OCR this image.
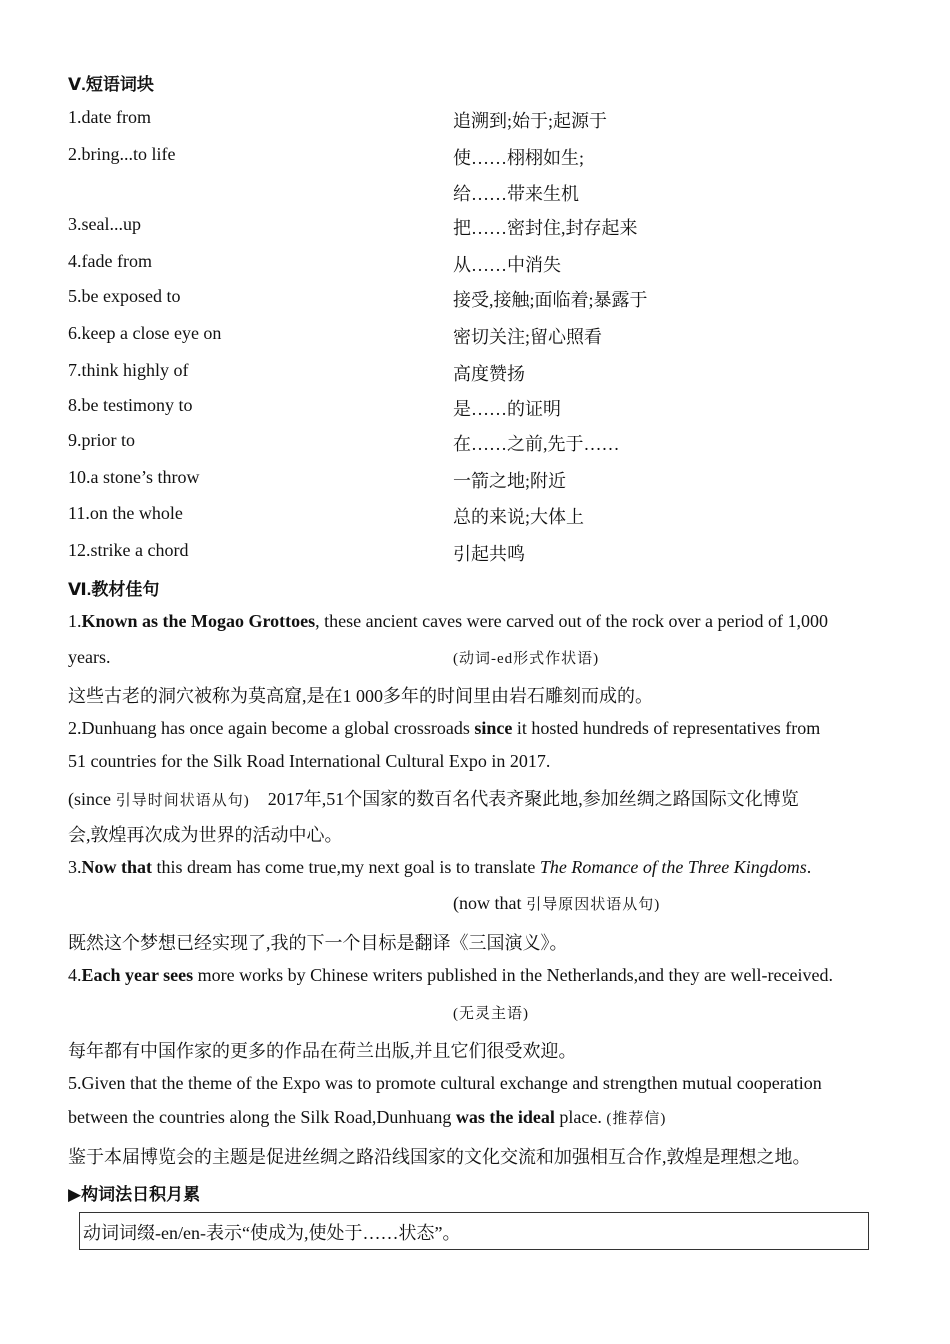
Ⅴ.短语词块
1.date from	追溯到;始于;起源于
2.bring...to life	使……栩栩如生;
给……带来生机
3.seal...up	把……密封住,封存起来
4.fade from	从……中消失
5.be exposed to	接受,接触;面临着;暴露于
6.keep a close eye on	密切关注;留心照看
7.think highly of	高度赞扬
8.be testimony to	是……的证明
9.prior to	在……之前,先于……
10.a stone’s throw	一箭之地;附近
11.on the whole	总的来说;大体上
12.strike a chord	引起共鸣
Ⅵ.教材佳句
1.Known as the Mogao Grottoes, these ancient caves were carved out of the rock over a period of 1,000
years.	(动词-ed形式作状语)
这些古老的洞穴被称为莫高窟,是在1 000多年的时间里由岩石雕刻而成的。
2.Dunhuang has once again become a global crossroads since it hosted hundreds of representatives from
51 countries for the Silk Road International Cultural Expo in 2017.
(since 引导时间状语从句) 2017年,51个国家的数百名代表齐聚此地,参加丝绸之路国际文化博览
会,敦煌再次成为世界的活动中心。
3.Now that this dream has come true,my next goal is to translate The Romance of the Three Kingdoms.
(now that 引导原因状语从句)
既然这个梦想已经实现了,我的下一个目标是翻译《三国演义》。
4.Each year sees more works by Chinese writers published in the Netherlands,and they are well-received.
(无灵主语)
每年都有中国作家的更多的作品在荷兰出版,并且它们很受欢迎。
5.Given that the theme of the Expo was to promote cultural exchange and strengthen mutual cooperation
between the countries along the Silk Road,Dunhuang was the ideal place. (推荐信)
鉴于本届博览会的主题是促进丝绸之路沿线国家的文化交流和加强相互合作,敦煌是理想之地。
▶构词法日积月累
动词词缀-en/en-表示“使成为,使处于……状态”。
